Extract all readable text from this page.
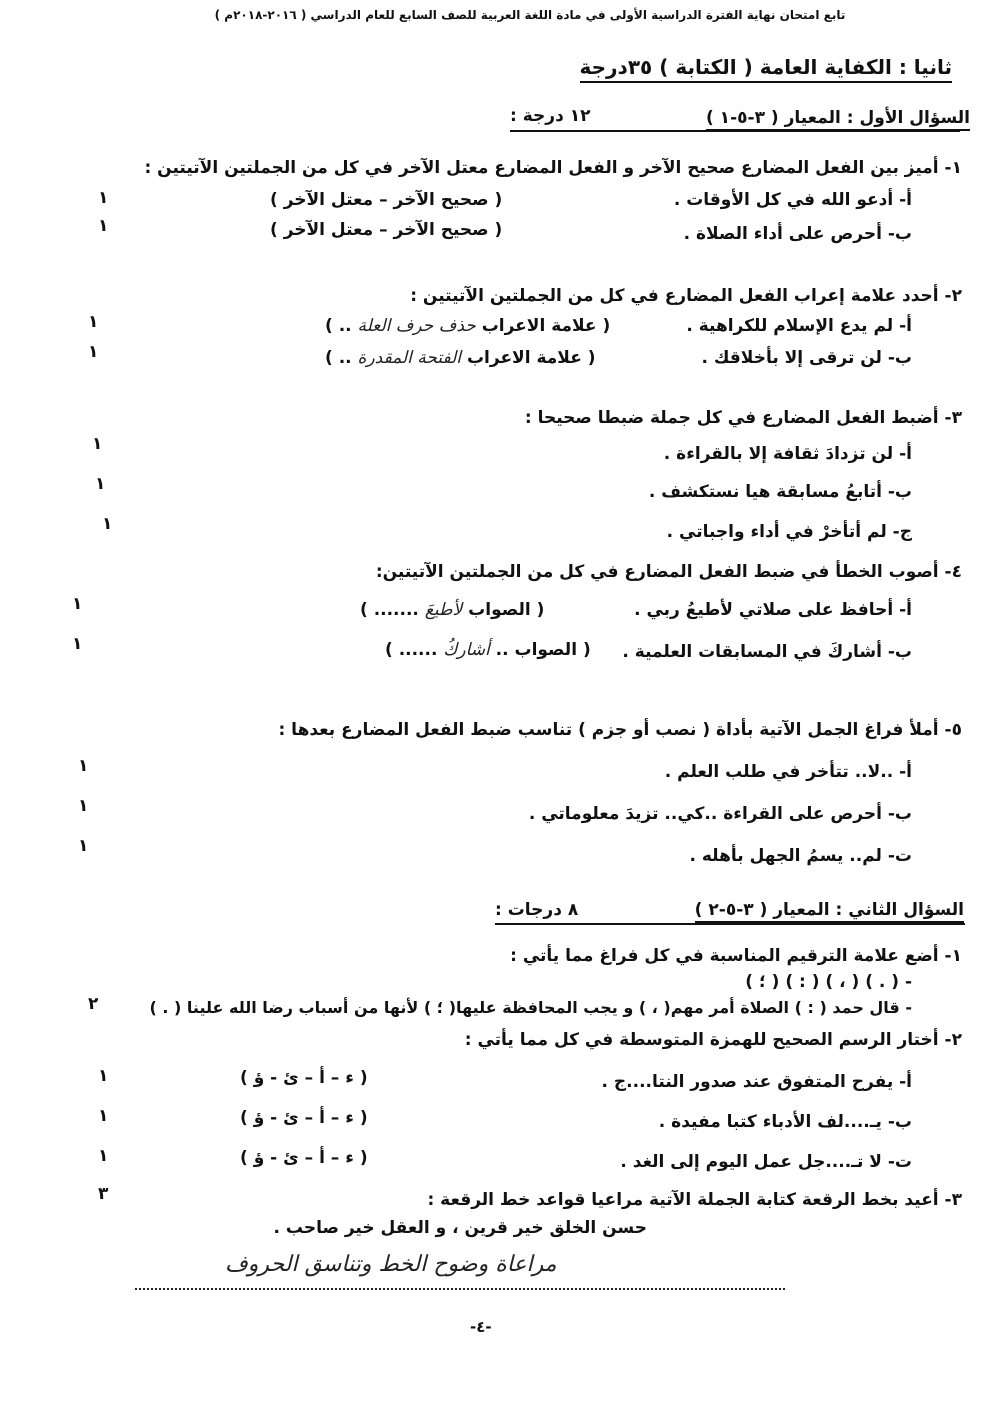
تابع امتحان نهاية الفترة الدراسية الأولى في مادة اللغة العربية للصف السابع للعام الدراسي ( ٢٠١٦-٢٠١٨م )
ثانيا : الكفاية العامة ( الكتابة ) ٣٥درجة
السؤال الأول : المعيار ( ٣-٥-١ )
١٢ درجة :
١- أميز بين الفعل المضارع صحيح الآخر و الفعل المضارع معتل الآخر في كل من الجملتين الآتيتين :
أ- أدعو الله في كل الأوقات .
( صحيح الآخر – معتل الآخر )
١
ب- أحرص على أداء الصلاة .
( صحيح الآخر – معتل الآخر )
١
٢- أحدد علامة إعراب الفعل المضارع في كل من الجملتين الآتيتين :
أ- لم يدع الإسلام للكراهية .
( علامة الاعراب حذف حرف العلة .. )
١
ب- لن ترقى إلا بأخلاقك .
( علامة الاعراب الفتحة المقدرة .. )
١
٣- أضبط الفعل المضارع في كل جملة ضبطا صحيحا :
أ- لن تزدادَ ثقافة إلا بالقراءة .
١
ب- أتابعُ مسابقة هيا نستكشف .
١
ج- لم أتأخرْ في أداء واجباتي .
١
٤- أصوب الخطأ في ضبط الفعل المضارع في كل من الجملتين الآتيتين:
أ- أحافظ على صلاتي لأطيعُ ربي .
( الصواب لأطيعَ ....... )
١
ب- أشاركَ في المسابقات العلمية .
( الصواب .. أشاركُ ...... )
١
٥- أملأ فراغ الجمل الآتية بأداة ( نصب أو جزم ) تناسب ضبط الفعل المضارع بعدها :
أ- ..لا.. تتأخر في طلب العلم .
١
ب- أحرص على القراءة ..كي.. تزيدَ معلوماتي .
١
ت- لم.. يسمُ الجهل بأهله .
١
السؤال الثاني : المعيار ( ٣-٥-٢ )
٨ درجات :
١- أضع علامة الترقيم المناسبة في كل فراغ مما يأتي :
- ( . ) ( ، ) ( : ) ( ؛ )
- قال حمد ( : ) الصلاة أمر مهم( ، ) و يجب المحافظة عليها( ؛ ) لأنها من أسباب رضا الله علينا ( . )
٢
٢- أختار الرسم الصحيح للهمزة المتوسطة في كل مما يأتي :
أ- يفرح المتفوق عند صدور النتا....ج .
( ء – أ – ئ - ؤ )
١
ب- يـ....لف الأدباء كتبا مفيدة .
( ء – أ – ئ - ؤ )
١
ت- لا تـ....جل عمل اليوم إلى الغد .
( ء – أ – ئ - ؤ )
١
٣- أعيد بخط الرقعة كتابة الجملة الآتية مراعيا قواعد خط الرقعة :
٣
حسن الخلق خير قرين ، و العقل خير صاحب .
مراعاة وضوح الخط وتناسق الحروف
-٤-
